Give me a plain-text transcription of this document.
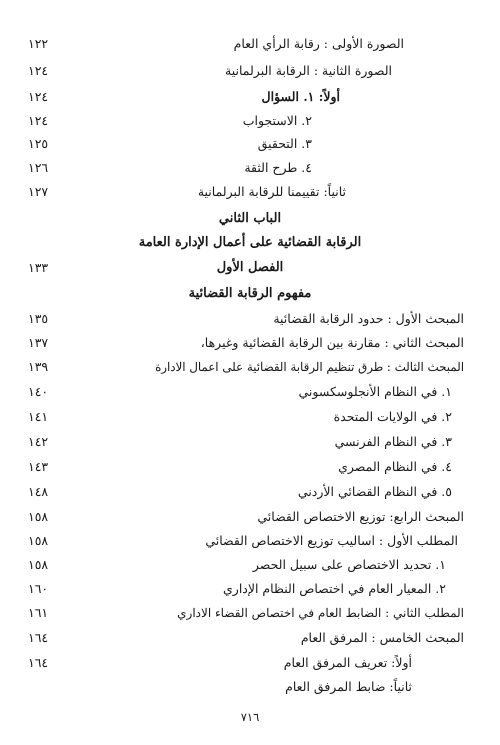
الصورة الأولى : رقابة الرأي العام
١٢٢
الصورة الثانية : الرقابة البرلمانية
١٢٤
أولاً: ١. السؤال
١٢٤
٢. الاستجواب
١٢٤
٣. التحقيق
١٢٥
٤. طرح الثقة
١٢٦
ثانياً: تقييمنا للرقابة البرلمانية
١٢٧
الباب الثاني
الرقابة القضائية على أعمال الإدارة العامة
الفصل الأول
١٣٣
مفهوم الرقابة القضائية
المبحث الأول : حدود الرقابة القضائية
١٣٥
المبحث الثاني : مقارنة بين الرقابة القضائية وغيرها،
١٣٧
المبحث الثالث : طرق تنظيم الرقابة القضائية على اعمال الادارة
١٣٩
١. في النظام الأنجلوسكسوني
١٤٠
٢. في الولايات المتحدة
١٤١
٣. في النظام الفرنسي
١٤٢
٤. في النظام المصري
١٤٣
٥. في النظام القضائي الأردني
١٤٨
المبحث الرابع: توزيع الاختصاص القضائي
١٥٨
المطلب الأول : اساليب توزيع الاختصاص القضائي
١٥٨
١. تحديد الاختصاص على سبيل الحصر
١٥٨
٢. المعيار العام في اختصاص النظام الإداري
١٦٠
المطلب الثاني : الضابط العام في اختصاص القضاء الاداري
١٦١
المبحث الخامس : المرفق العام
١٦٤
أولاً: تعريف المرفق العام
١٦٤
ثانياً: ضابط المرفق العام
٧١٦
